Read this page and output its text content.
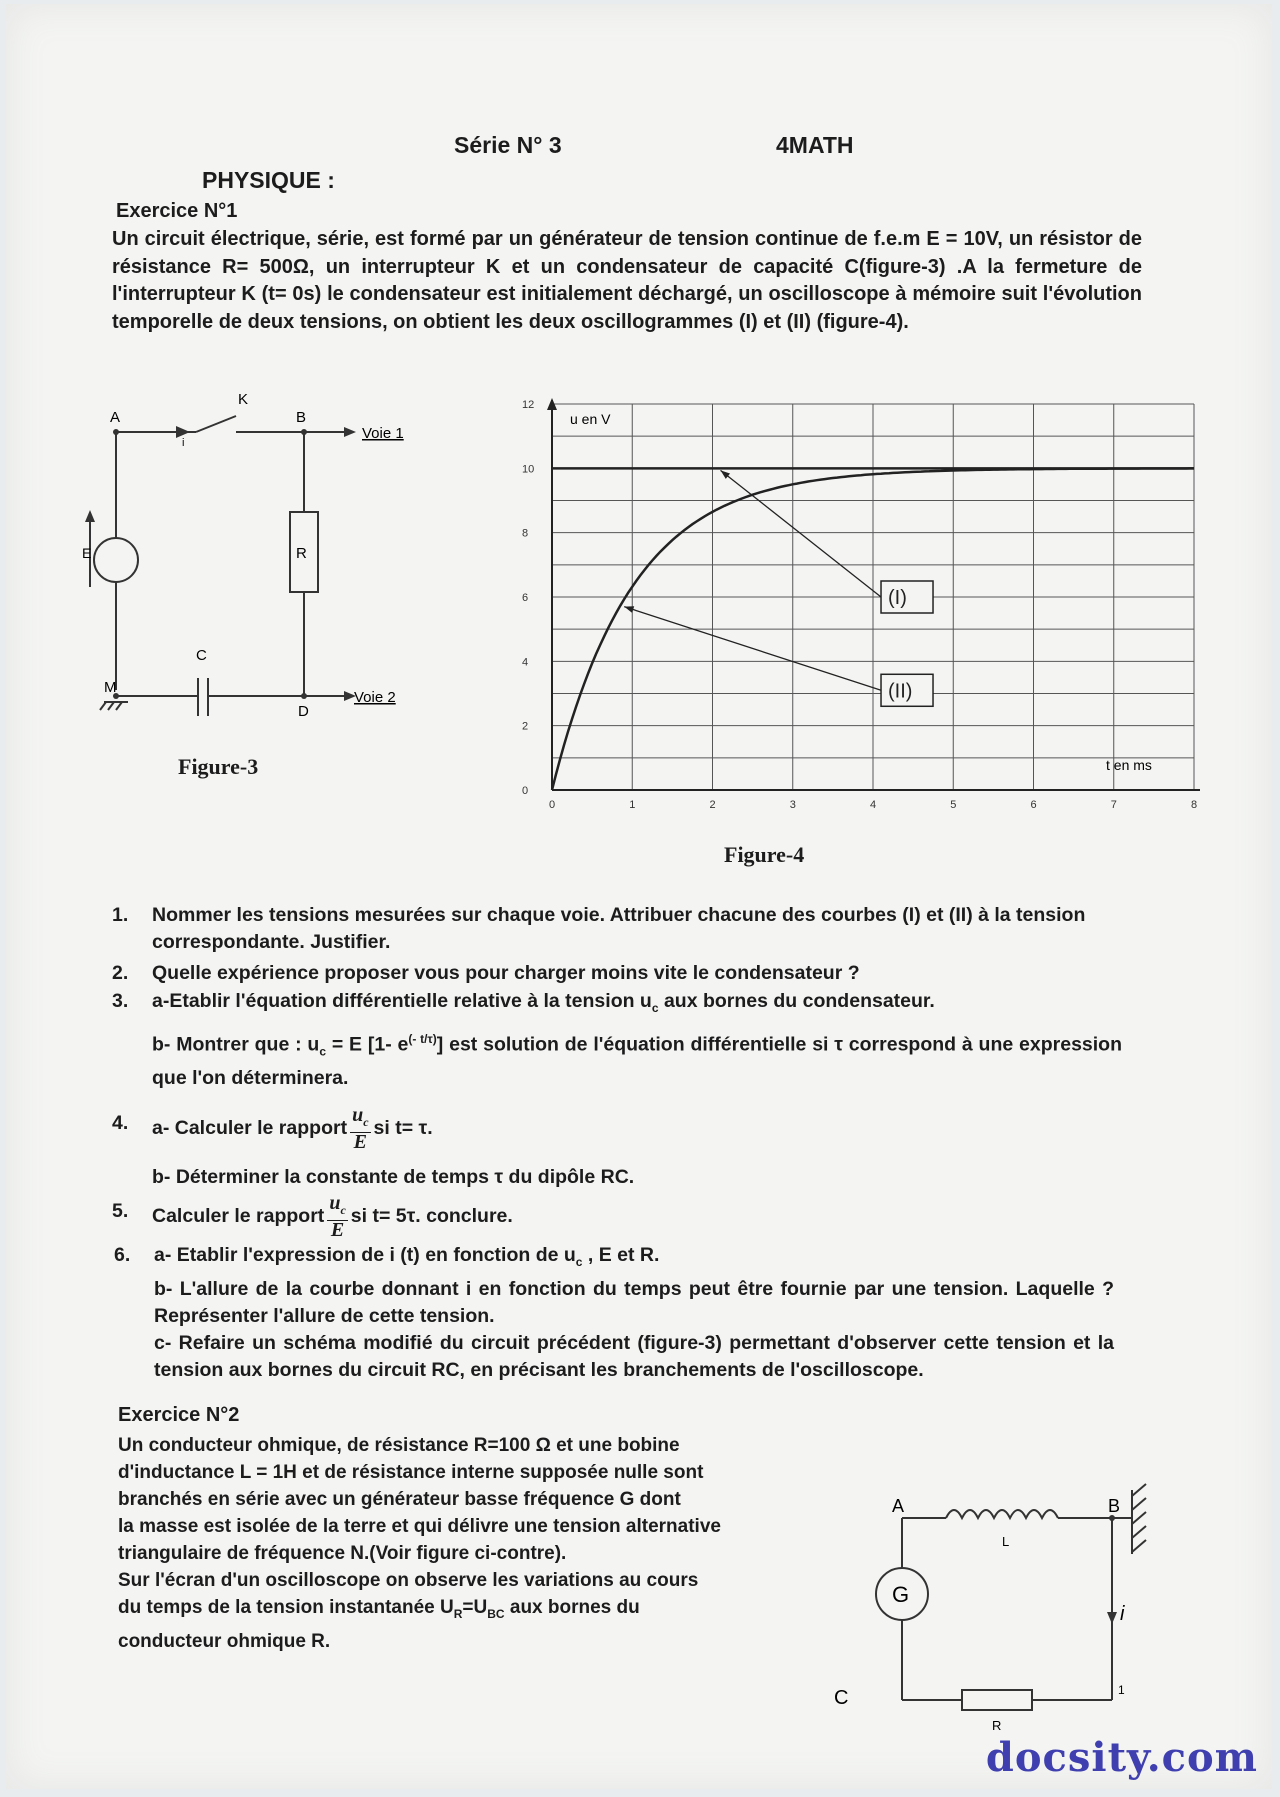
Série N° 3	4MATH
PHYSIQUE :
Exercice N°1
Un circuit électrique, série, est formé par un générateur de tension continue de f.e.m E = 10V, un résistor de résistance R= 500Ω, un interrupteur K et un condensateur de capacité C(figure-3) .A la fermeture de l'interrupteur K (t= 0s) le condensateur est initialement déchargé, un oscilloscope à mémoire suit l'évolution temporelle de deux tensions, on obtient les deux oscillogrammes (I) et (II) (figure-4).
A
K
B
Voie 1
i
R
E
C
M
D
Voie 2
Figure-3
0	1	2	3	4	5	6	7	8
0
2
4
6
8
10
12
u en V
t en ms
(I)
(II)
Figure-4
1. Nommer les tensions mesurées sur chaque voie. Attribuer chacune des courbes (I) et (II) à la tension correspondante. Justifier.
2. Quelle expérience proposer vous pour charger moins vite le condensateur ?
3. a-Etablir l'équation différentielle relative à la tension $u_c$ aux bornes du condensateur.
b- Montrer que : $u_c = E$ [1- $e^{(- t/\tau)}$] est solution de l'équation différentielle si τ correspond à une expression que l'on déterminera.
4. a- Calculer le rapport $\frac{u_c}{E}$ si t= τ.
b- Déterminer la constante de temps τ du dipôle RC.
5. Calculer le rapport $\frac{u_c}{E}$ si t= 5τ. conclure.
6. a- Etablir l'expression de i (t) en fonction de $u_c$ , E et R.
b- L'allure de la courbe donnant i en fonction du temps peut être fournie par une tension. Laquelle ? Représenter l'allure de cette tension.
c- Refaire un schéma modifié du circuit précédent (figure-3) permettant d'observer cette tension et la tension aux bornes du circuit RC, en précisant les branchements de l'oscilloscope.
Exercice N°2
Un conducteur ohmique, de résistance R=100 Ω et une bobine
d'inductance L = 1H et de résistance interne supposée nulle sont
branchés en série avec un générateur basse fréquence G dont
la masse est isolée de la terre et qui délivre une tension alternative
triangulaire de fréquence N.(Voir figure ci-contre).
Sur l'écran d'un oscilloscope on observe les variations au cours
du temps de la tension instantanée $U_R=U_{BC}$ aux bornes du
conducteur ohmique R.
A	B
L
G
i
C
R
1
docsity.com
